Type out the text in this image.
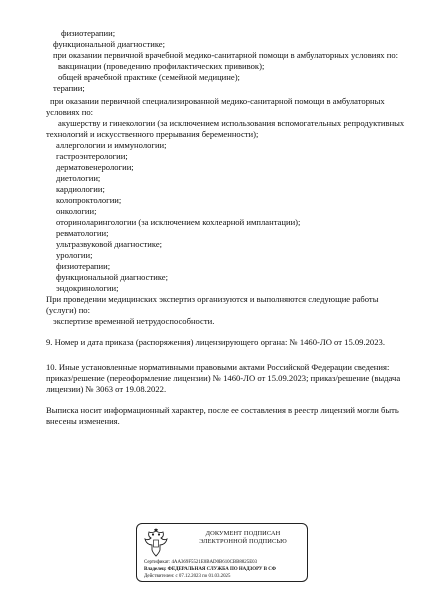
физиотерапии;
функциональной диагностике;
при оказании первичной врачебной медико-санитарной помощи в амбулаторных условиях по:
вакцинации (проведению профилактических прививок);
общей врачебной практике (семейной медицине);
терапии;
при оказании первичной специализированной медико-санитарной помощи в амбулаторных
условиях по:
акушерству и гинекологии (за исключением использования вспомогательных репродуктивных
технологий и искусственного прерывания беременности);
аллергологии и иммунологии;
гастроэнтерологии;
дерматовенерологии;
диетологии;
кардиологии;
колопроктологии;
онкологии;
оториноларингологии (за исключением кохлеарной имплантации);
ревматологии;
ультразвуковой диагностике;
урологии;
физиотерапии;
функциональной диагностике;
эндокринологии;
При проведении медицинских экспертиз организуются и выполняются следующие работы
(услуги) по:
экспертизе временной нетрудоспособности.
9. Номер и дата приказа (распоряжения) лицензирующего органа: № 1460-ЛО от 15.09.2023.
10. Иные установленные нормативными правовыми актами Российской Федерации сведения:
приказ/решение (переоформление лицензии) № 1460-ЛО от 15.09.2023; приказ/решение (выдача
лицензии) № 3063 от 19.08.2022.
Выписка носит информационный характер, после ее составления в реестр лицензий могли быть
внесены изменения.
ДОКУМЕНТ ПОДПИСАН
ЭЛЕКТРОННОЙ ПОДПИСЬЮ
Сертификат: 4AA369F5521E0BAD0B610CBB8825E03
Владелец: ФЕДЕРАЛЬНАЯ СЛУЖБА ПО НАДЗОРУ В СФ
Действителен: с 07.12.2023 по 01.03.2025
